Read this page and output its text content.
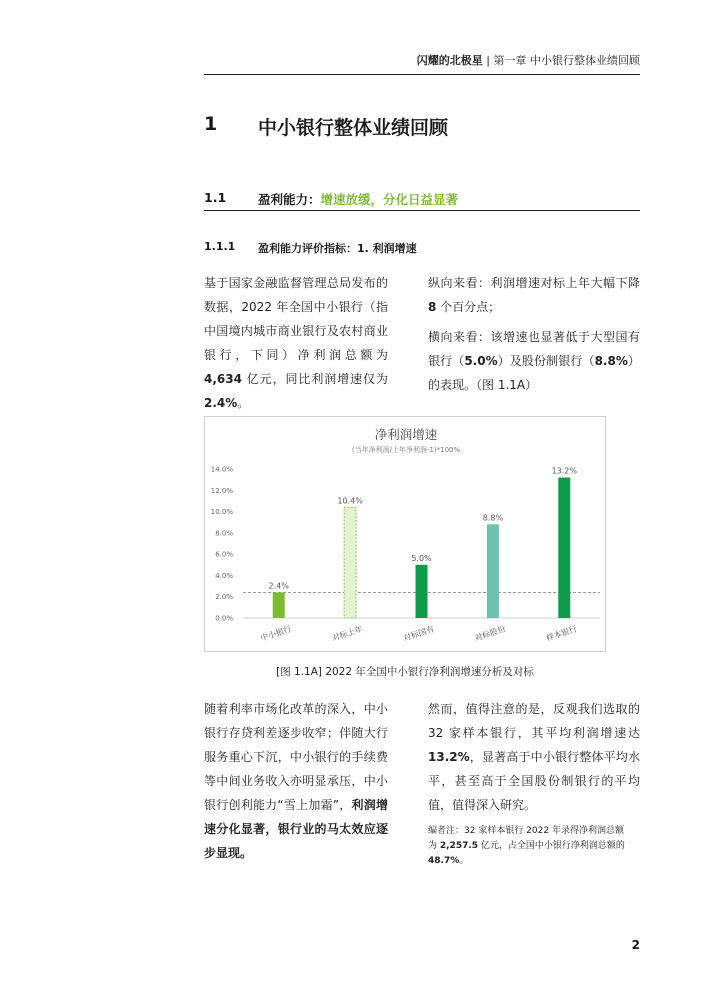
闪耀的北极星 | 第一章 中小银行整体业绩回顾
1 中小银行整体业绩回顾
1.1	盈利能力：增速放缓，分化日益显著
1.1.1 盈利能力评价指标：1. 利润增速

基于国家金融监督管理总局发布的数据，2022 年全国中小银行（指中国境内城市商业银行及农村商业银行，下同）净利润总额为 4,634 亿元，同比利润增速仅为 2.4%。

纵向来看：利润增速对标上年大幅下降 8 个百分点；

横向来看：该增速也显著低于大型国有银行（5.0%）及股份制银行（8.8%）的表现。（图 1.1A）

净利润增速
(当年净利润/上年净利润-1)*100%
0.0%
2.0%
4.0%
6.0%
8.0%
10.0%
12.0%
14.0%
2.4%
10.4%
5.0%
8.8%
13.2%
中小银行	对标上年	对标国有	对标股份	样本银行
[图 1.1A] 2022 年全国中小银行净利润增速分析及对标

随着利率市场化改革的深入，中小银行存贷利差逐步收窄；伴随大行服务重心下沉，中小银行的手续费等中间业务收入亦明显承压，中小银行创利能力“雪上加霜”，利润增速分化显著，银行业的马太效应逐步显现。

然而，值得注意的是，反观我们选取的 32 家样本银行，其平均利润增速达 13.2%，显著高于中小银行整体平均水平，甚至高于全国股份制银行的平均值，值得深入研究。

编者注：32 家样本银行 2022 年录得净利润总额为 2,257.5 亿元，占全国中小银行净利润总额的 48.7%。
2
